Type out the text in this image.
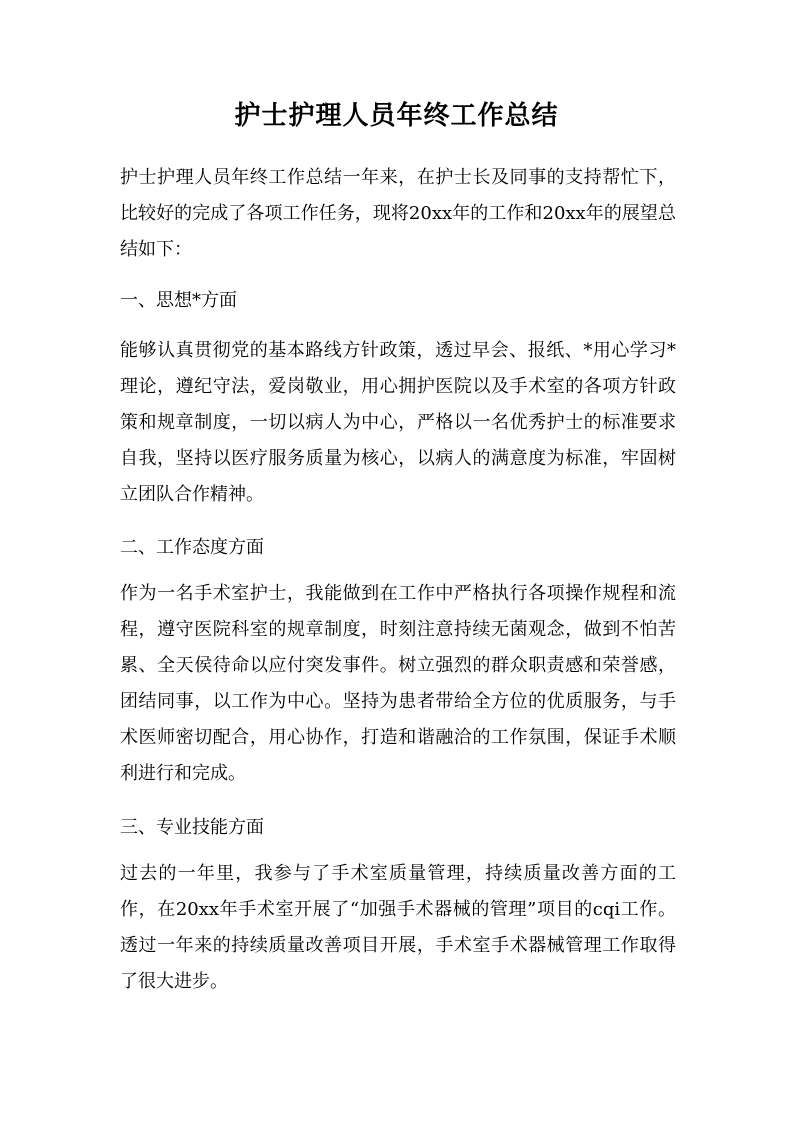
护士护理人员年终工作总结

护士护理人员年终工作总结一年来，在护士长及同事的支持帮忙下，比较好的完成了各项工作任务，现将20xx年的工作和20xx年的展望总结如下：

一、思想*方面

能够认真贯彻党的基本路线方针政策，透过早会、报纸、*用心学习*理论，遵纪守法，爱岗敬业，用心拥护医院以及手术室的各项方针政策和规章制度，一切以病人为中心，严格以一名优秀护士的标准要求自我，坚持以医疗服务质量为核心，以病人的满意度为标准，牢固树立团队合作精神。

二、工作态度方面

作为一名手术室护士，我能做到在工作中严格执行各项操作规程和流程，遵守医院科室的规章制度，时刻注意持续无菌观念，做到不怕苦累、全天侯待命以应付突发事件。树立强烈的群众职责感和荣誉感，团结同事，以工作为中心。坚持为患者带给全方位的优质服务，与手术医师密切配合，用心协作，打造和谐融洽的工作氛围，保证手术顺利进行和完成。

三、专业技能方面

过去的一年里，我参与了手术室质量管理，持续质量改善方面的工作，在20xx年手术室开展了“加强手术器械的管理”项目的cqi工作。透过一年来的持续质量改善项目开展，手术室手术器械管理工作取得了很大进步。
